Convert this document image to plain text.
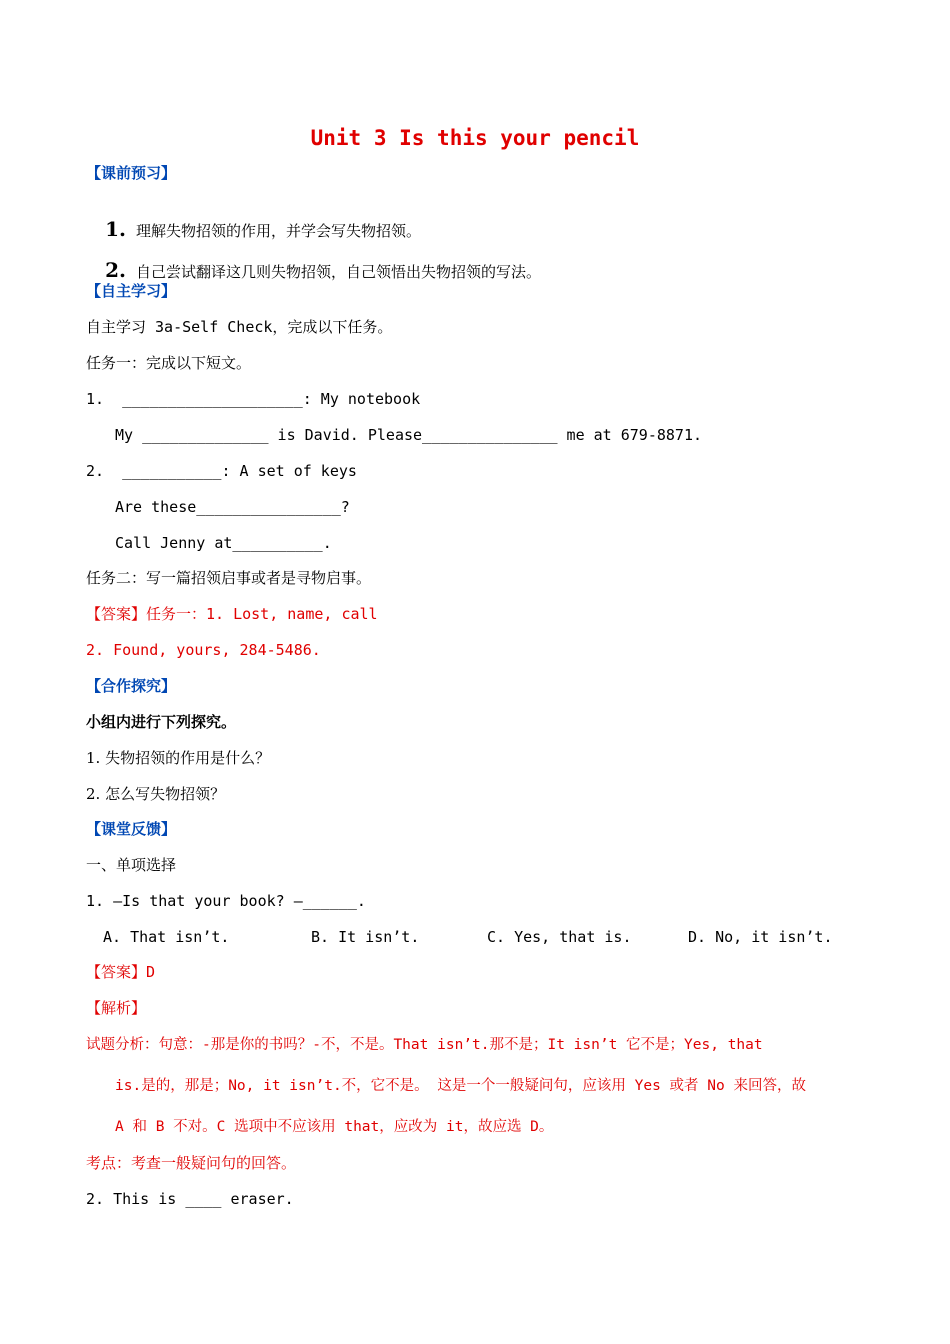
Unit 3 Is this your pencil
【课前预习】

1. 理解失物招领的作用，并学会写失物招领。

2. 自己尝试翻译这几则失物招领，自己领悟出失物招领的写法。

【自主学习】
自主学习 3a-Self Check，完成以下任务。
任务一：完成以下短文。
1.  ____________________: My notebook
My ______________ is David. Please_______________ me at 679-8871.
2.  ___________: A set of keys
Are these________________?
Call Jenny at__________.
任务二：写一篇招领启事或者是寻物启事。
【答案】任务一：1. Lost, name, call
2. Found, yours, 284-5486.
【合作探究】
小组内进行下列探究。
1. 失物招领的作用是什么？
2. 怎么写失物招领？
【课堂反馈】
一、单项选择
1. —Is that your book? —______.
A. That isn’t.	B. It isn’t.	C. Yes, that is.	D. No, it isn’t.
【答案】D
【解析】
试题分析：句意：-那是你的书吗？-不，不是。That isn’t.那不是；It isn’t 它不是；Yes, that
is.是的，那是；No, it isn’t.不，它不是。 这是一个一般疑问句，应该用 Yes 或者 No 来回答，故
A 和 B 不对。C 选项中不应该用 that，应改为 it，故应选 D。
考点：考查一般疑问句的回答。
2. This is ____ eraser.
